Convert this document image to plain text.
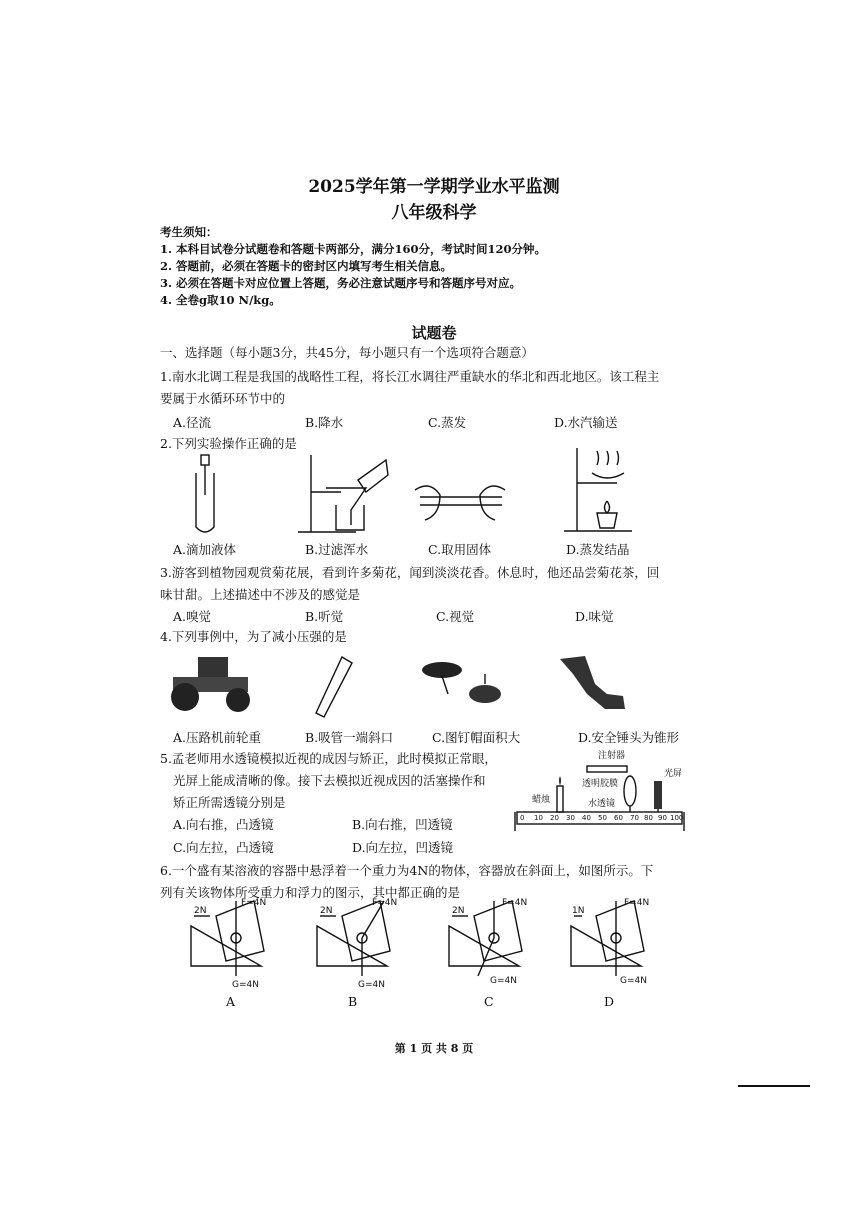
2025学年第一学期学业水平监测
八年级科学
考生须知：
1. 本科目试卷分试题卷和答题卡两部分，满分160分，考试时间120分钟。
2. 答题前，必须在答题卡的密封区内填写考生相关信息。
3. 必须在答题卡对应位置上答题，务必注意试题序号和答题序号对应。
4. 全卷g取10 N/kg。
试题卷
一、选择题（每小题3分，共45分，每小题只有一个选项符合题意）
1.南水北调工程是我国的战略性工程，将长江水调往严重缺水的华北和西北地区。该工程主
要属于水循环环节中的
A.径流	B.降水	C.蒸发	D.水汽输送
2.下列实验操作正确的是
A.滴加液体	B.过滤浑水	C.取用固体	D.蒸发结晶
3.游客到植物园观赏菊花展，看到许多菊花，闻到淡淡花香。休息时，他还品尝菊花茶，回
味甘甜。上述描述中不涉及的感觉是
A.嗅觉	B.听觉	C.视觉	D.味觉
4.下列事例中，为了减小压强的是
A.压路机前轮重	B.吸管一端斜口	C.图钉帽面积大	D.安全锤头为锥形
5.孟老师用水透镜模拟近视的成因与矫正，此时模拟正常眼，
光屏上能成清晰的像。接下去模拟近视成因的活塞操作和
矫正所需透镜分别是
A.向右推，凸透镜	B.向右推，凹透镜
C.向左拉，凸透镜	D.向左拉，凹透镜
注射器
透明胶膜
水透镜
蜡烛
光屏
0 10 20 30 40 50 60 70 80 90 100
6.一个盛有某溶液的容器中悬浮着一个重力为4N的物体，容器放在斜面上，如图所示。下
列有关该物体所受重力和浮力的图示，其中都正确的是
2N
F=4N
G=4N
A
2N
F=4N
G=4N
B
2N
F=4N
G=4N
C
1N
F=4N
G=4N
D
第 1 页 共 8 页
